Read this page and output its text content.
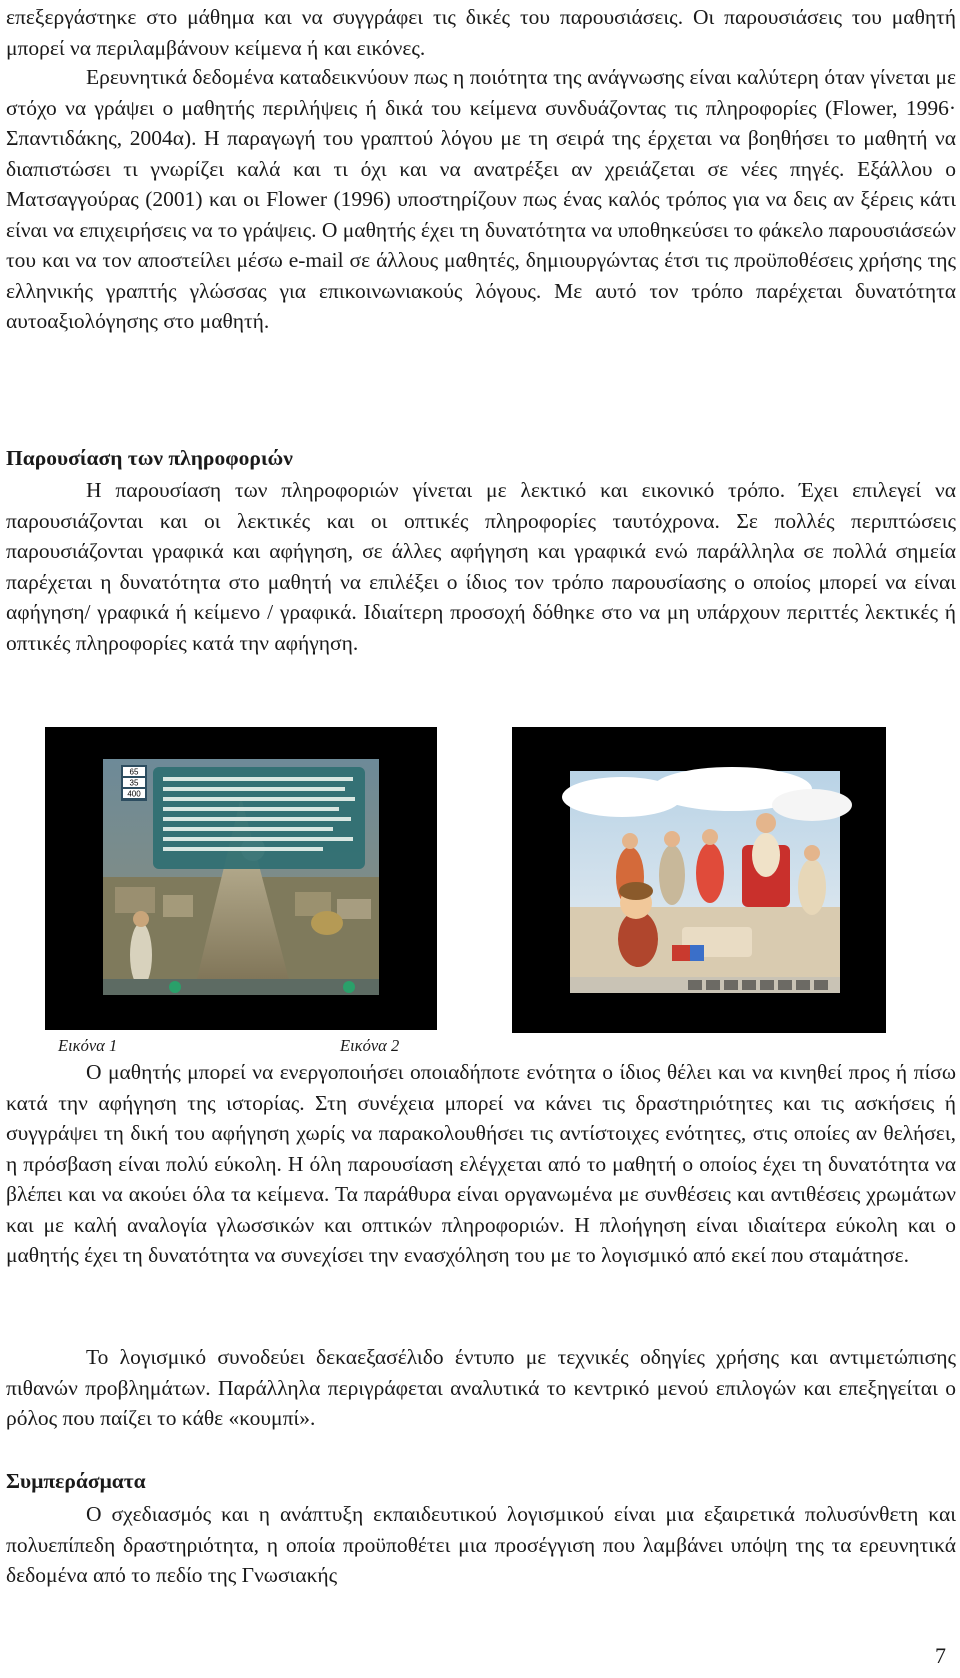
επεξεργάστηκε στο μάθημα και να συγγράφει τις δικές του παρουσιάσεις. Οι παρουσιάσεις του μαθητή μπορεί να περιλαμβάνουν κείμενα ή και εικόνες.

Ερευνητικά δεδομένα καταδεικνύουν πως η ποιότητα της ανάγνωσης είναι καλύτερη όταν γίνεται με στόχο να γράψει ο μαθητής περιλήψεις ή δικά του κείμενα συνδυάζοντας τις πληροφορίες (Flower, 1996· Σπαντιδάκης, 2004α). Η παραγωγή του γραπτού λόγου με τη σειρά της έρχεται να βοηθήσει το μαθητή να διαπιστώσει τι γνωρίζει καλά και τι όχι και να ανατρέξει αν χρειάζεται σε νέες πηγές. Εξάλλου ο Ματσαγγούρας (2001) και οι Flower (1996) υποστηρίζουν πως ένας καλός τρόπος για να δεις αν ξέρεις κάτι είναι να επιχειρήσεις να το γράψεις. Ο μαθητής έχει τη δυνατότητα να υποθηκεύσει το φάκελο παρουσιάσεών του και να τον αποστείλει μέσω e-mail σε άλλους μαθητές, δημιουργώντας έτσι τις προϋποθέσεις χρήσης της ελληνικής γραπτής γλώσσας για επικοινωνιακούς λόγους. Με αυτό τον τρόπο παρέχεται δυνατότητα αυτοαξιολόγησης στο μαθητή.

Παρουσίαση των πληροφοριών

Η παρουσίαση των πληροφοριών γίνεται με λεκτικό και εικονικό τρόπο. Έχει επιλεγεί να παρουσιάζονται και οι λεκτικές και οι οπτικές πληροφορίες ταυτόχρονα. Σε πολλές περιπτώσεις παρουσιάζονται γραφικά και αφήγηση, σε άλλες αφήγηση και γραφικά ενώ παράλληλα σε πολλά σημεία παρέχεται η δυνατότητα στο μαθητή να επιλέξει ο ίδιος τον τρόπο παρουσίασης ο οποίος μπορεί να είναι αφήγηση/ γραφικά ή κείμενο / γραφικά. Ιδιαίτερη προσοχή δόθηκε στο να μη υπάρχουν περιττές λεκτικές ή οπτικές πληροφορίες κατά την αφήγηση.

65
35
400

Εικόνα 1	Εικόνα 2

Ο μαθητής μπορεί να ενεργοποιήσει οποιαδήποτε ενότητα ο ίδιος θέλει και να κινηθεί προς ή πίσω κατά την αφήγηση της ιστορίας. Στη συνέχεια μπορεί να κάνει τις δραστηριότητες και τις ασκήσεις ή συγγράψει τη δική του αφήγηση χωρίς να παρακολουθήσει τις αντίστοιχες ενότητες, στις οποίες αν θελήσει, η πρόσβαση είναι πολύ εύκολη. Η όλη παρουσίαση ελέγχεται από το μαθητή ο οποίος έχει τη δυνατότητα να βλέπει και να ακούει όλα τα κείμενα. Τα παράθυρα είναι οργανωμένα με συνθέσεις και αντιθέσεις χρωμάτων και με καλή αναλογία γλωσσικών και οπτικών πληροφοριών. Η πλοήγηση είναι ιδιαίτερα εύκολη και ο μαθητής έχει τη δυνατότητα να συνεχίσει την ενασχόληση του με το λογισμικό από εκεί που σταμάτησε.

Το λογισμικό συνοδεύει δεκαεξασέλιδο έντυπο με τεχνικές οδηγίες χρήσης και αντιμετώπισης πιθανών προβλημάτων. Παράλληλα περιγράφεται αναλυτικά το κεντρικό μενού επιλογών και επεξηγείται ο ρόλος που παίζει το κάθε «κουμπί».

Συμπεράσματα

Ο σχεδιασμός και η ανάπτυξη εκπαιδευτικού λογισμικού είναι μια εξαιρετικά πολυσύνθετη και πολυεπίπεδη δραστηριότητα, η οποία προϋποθέτει μια προσέγγιση που λαμβάνει υπόψη της τα ερευνητικά δεδομένα από το πεδίο της Γνωσιακής

7
